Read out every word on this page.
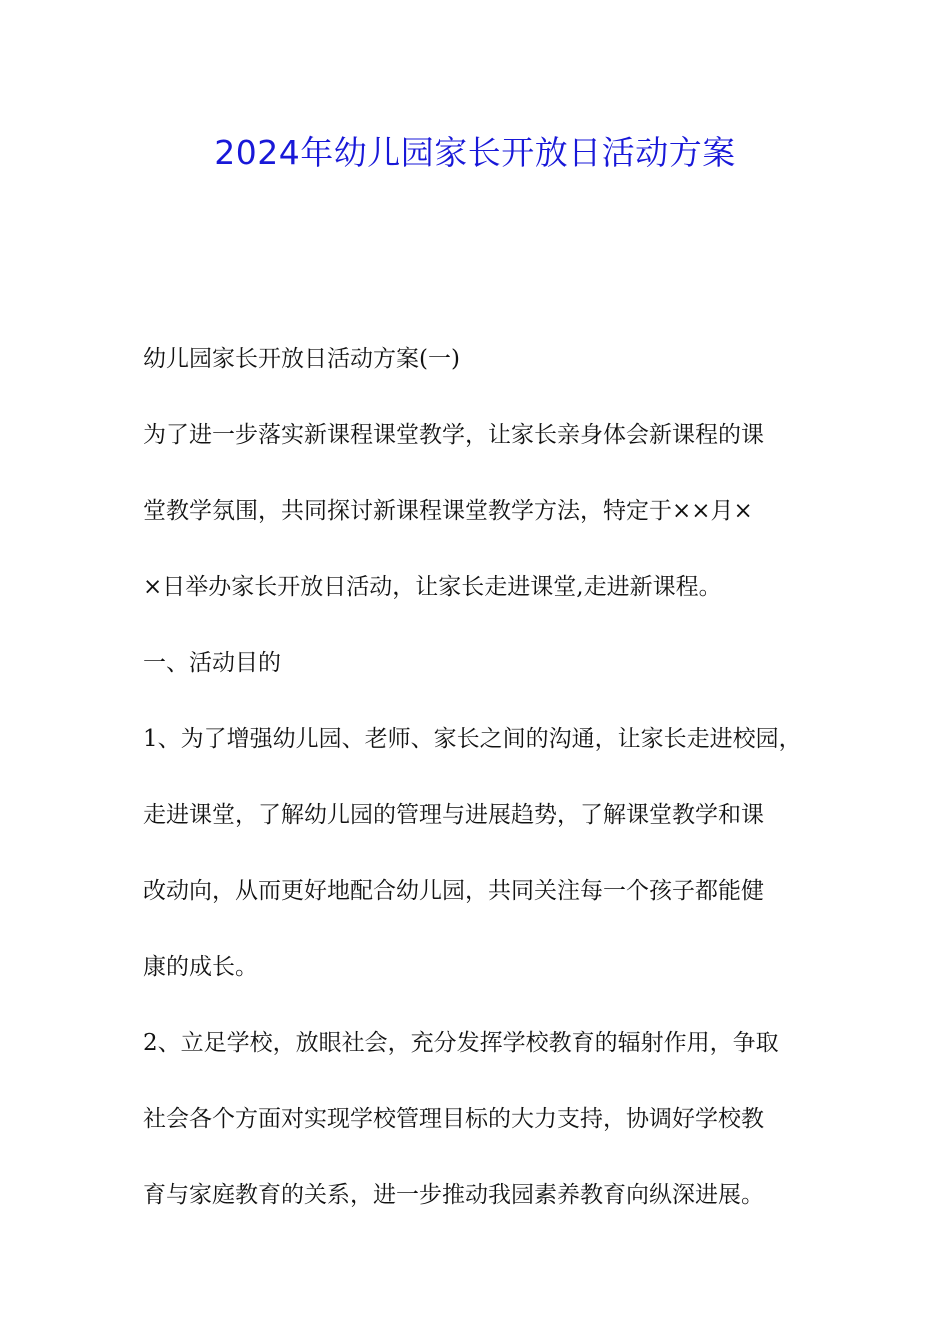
2024年幼儿园家长开放日活动方案
幼儿园家长开放日活动方案(一)
为了进一步落实新课程课堂教学，让家长亲身体会新课程的课
堂教学氛围，共同探讨新课程课堂教学方法，特定于××月×
×日举办家长开放日活动，让家长走进课堂,走进新课程。
一、活动目的
1、为了增强幼儿园、老师、家长之间的沟通，让家长走进校园，
走进课堂，了解幼儿园的管理与进展趋势，了解课堂教学和课
改动向，从而更好地配合幼儿园，共同关注每一个孩子都能健
康的成长。
2、立足学校，放眼社会，充分发挥学校教育的辐射作用，争取
社会各个方面对实现学校管理目标的大力支持，协调好学校教
育与家庭教育的关系，进一步推动我园素养教育向纵深进展。
